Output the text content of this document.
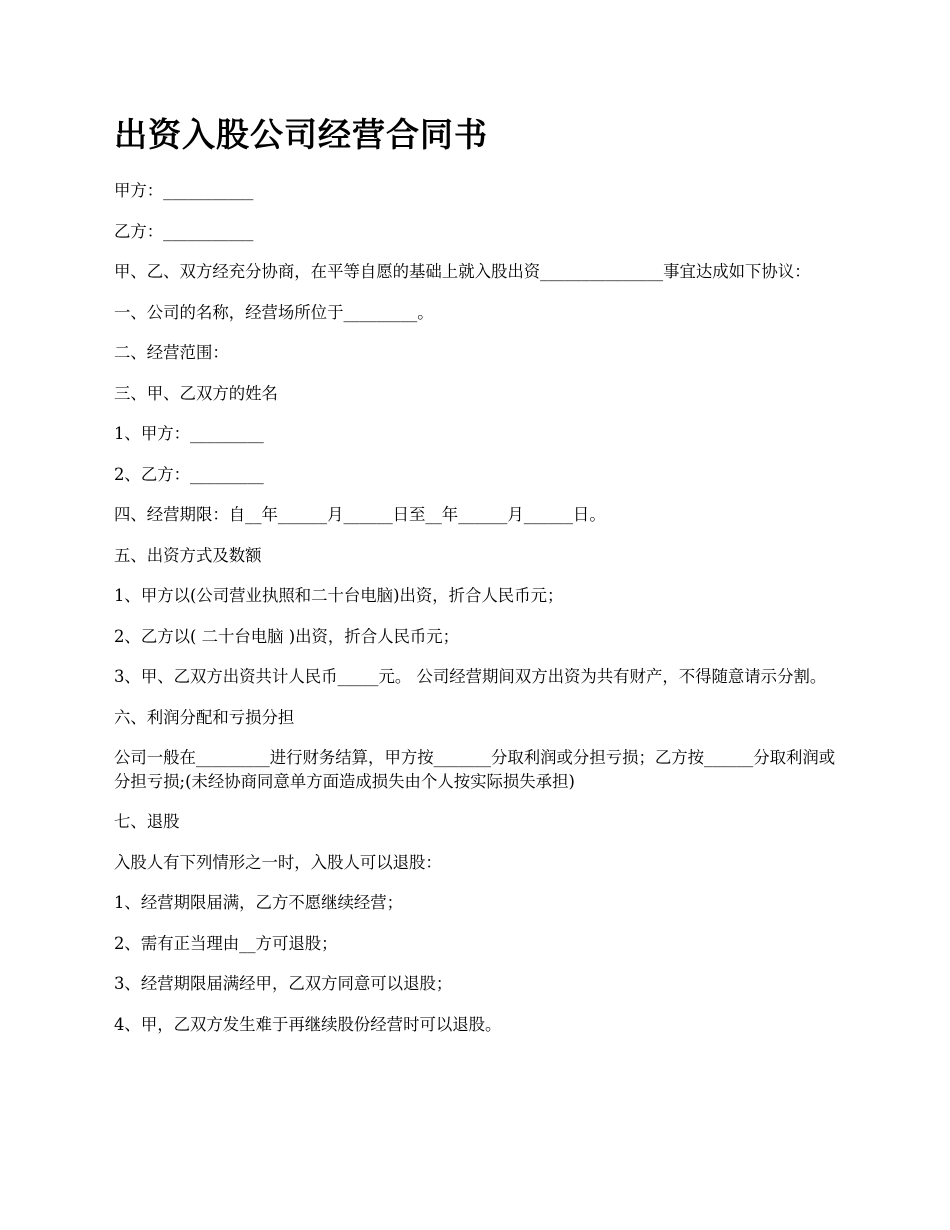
出资入股公司经营合同书

甲方：___________

乙方：___________

甲、乙、双方经充分协商，在平等自愿的基础上就入股出资_______________事宜达成如下协议：

一、公司的名称，经营场所位于_________。

二、经营范围：

三、甲、乙双方的姓名

1、甲方：_________

2、乙方：_________

四、经营期限：自__年______月______日至__年______月______日。

五、出资方式及数额

1、甲方以(公司营业执照和二十台电脑)出资，折合人民币元；

2、乙方以( 二十台电脑 )出资，折合人民币元；

3、甲、乙双方出资共计人民币_____元。 公司经营期间双方出资为共有财产，不得随意请示分割。

六、利润分配和亏损分担

公司一般在_________进行财务结算，甲方按_______分取利润或分担亏损；乙方按______分取利润或分担亏损;(未经协商同意单方面造成损失由个人按实际损失承担)

七、退股

入股人有下列情形之一时，入股人可以退股：

1、经营期限届满，乙方不愿继续经营；

2、需有正当理由__方可退股；

3、经营期限届满经甲，乙双方同意可以退股；

4、甲，乙双方发生难于再继续股份经营时可以退股。
